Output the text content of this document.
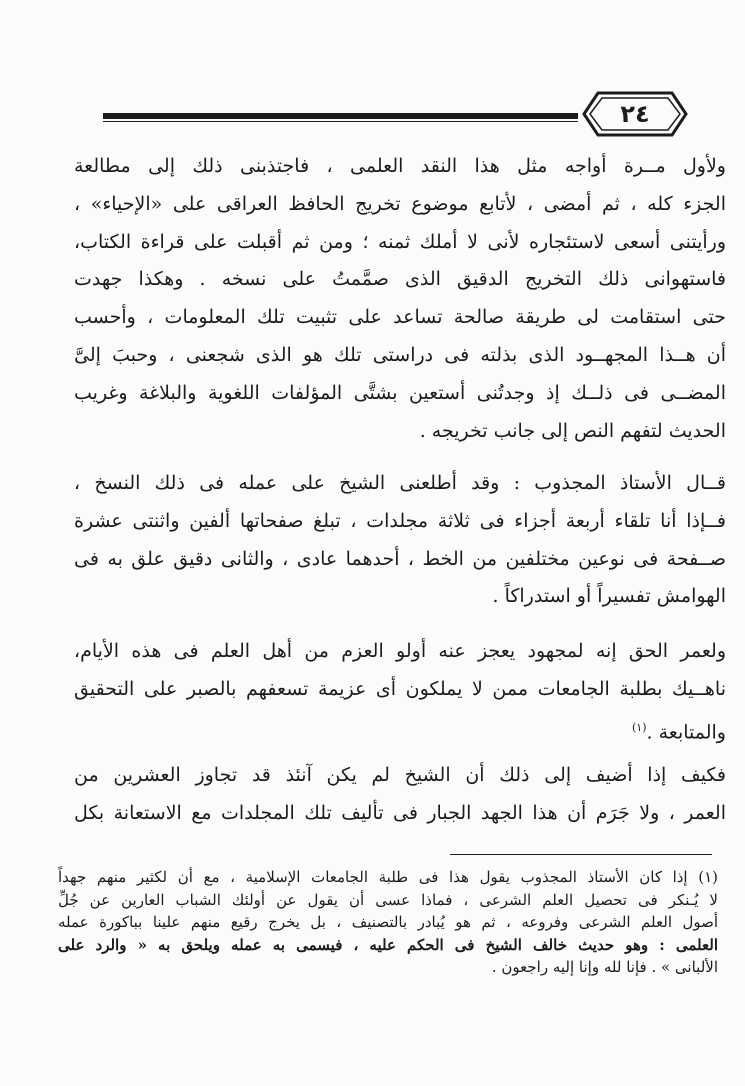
٢٤
ولأول مــرة أواجه مثل هذا النقد العلمى ، فاجتذبنى ذلك إلى مطالعة
الجزء كله ، ثم أمضى ، لأتابع موضوع تخريج الحافظ العراقى على «الإحياء» ،
ورأيتنى أسعى لاستئجاره لأنى لا أملك ثمنه ؛ ومن ثم أقبلت على قراءة الكتاب،
فاستهوانى ذلك التخريج الدقيق الذى صمَّمتُ على نسخه . وهكذا جهدت
حتى استقامت لى طريقة صالحة تساعد على تثبيت تلك المعلومات ، وأحسب
أن هــذا المجهــود الذى بذلته فى دراستى تلك هو الذى شجعنى ، وحببَ إلىَّ
المضــى فى ذلــك إذ وجدتُنى أستعين بشتَّى المؤلفات اللغوية والبلاغة وغريب
الحديث لتفهم النص إلى جانب تخريجه .
قــال الأستاذ المجذوب : وقد أطلعنى الشيخ على عمله فى ذلك النسخ ،
فــإذا أنا تلقاء أربعة أجزاء فى ثلاثة مجلدات ، تبلغ صفحاتها ألفين واثنتى عشرة
صــفحة فى نوعين مختلفين من الخط ، أحدهما عادى ، والثانى دقيق علق به فى
الهوامش تفسيراً أو استدراكاً .
ولعمر الحق إنه لمجهود يعجز عنه أولو العزم من أهل العلم فى هذه الأيام،
ناهــيك بطلبة الجامعات ممن لا يملكون أى عزيمة تسعفهم بالصبر على التحقيق
والمتابعة .$^{(١)}$
فكيف إذا أضيف إلى ذلك أن الشيخ لم يكن آنئذ قد تجاوز العشرين من
العمر ، ولا جَرَم أن هذا الجهد الجبار فى تأليف تلك المجلدات مع الاستعانة بكل
(١) إذا كان الأستاذ المجذوب يقول هذا فى طلبة الجامعات الإسلامية ، مع أن لكثير منهم جهداً
لا يُـنكر فى تحصيل العلم الشرعى ، فماذا عسى أن يقول عن أولئك الشباب العارين عن جُلِّ
أصول العلم الشرعى وفروعه ، ثم هو يُبادر بالتصنيف ، بل يخرج رقيع منهم علينا بباكورة عمله
العلمى : وهو حديث خالف الشيخ فى الحكم عليه ، فيسمى به عمله ويلحق به « والرد على
الألبانى » . فإنا لله وإنا إليه راجعون .
